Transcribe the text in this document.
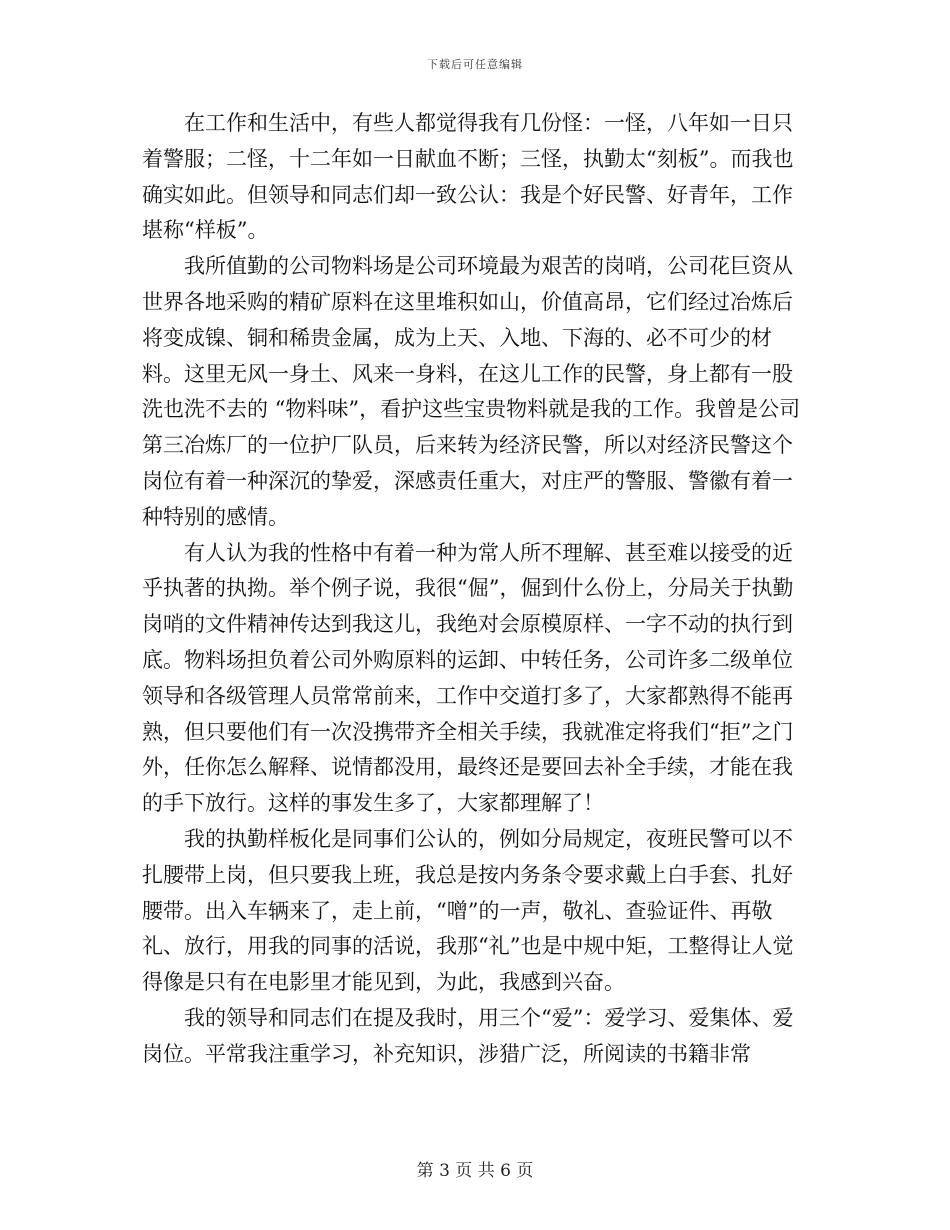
下载后可任意编辑

在工作和生活中，有些人都觉得我有几份怪：一怪，八年如一日只着警服；二怪，十二年如一日献血不断；三怪，执勤太“刻板”。而我也确实如此。但领导和同志们却一致公认：我是个好民警、好青年，工作堪称“样板”。

我所值勤的公司物料场是公司环境最为艰苦的岗哨，公司花巨资从世界各地采购的精矿原料在这里堆积如山，价值高昂，它们经过冶炼后将变成镍、铜和稀贵金属，成为上天、入地、下海的、必不可少的材料。这里无风一身土、风来一身料，在这儿工作的民警，身上都有一股洗也洗不去的 “物料味”，看护这些宝贵物料就是我的工作。我曾是公司第三冶炼厂的一位护厂队员，后来转为经济民警，所以对经济民警这个岗位有着一种深沉的挚爱，深感责任重大，对庄严的警服、警徽有着一种特别的感情。

有人认为我的性格中有着一种为常人所不理解、甚至难以接受的近乎执著的执拗。举个例子说，我很“倔”，倔到什么份上，分局关于执勤岗哨的文件精神传达到我这儿，我绝对会原模原样、一字不动的执行到底。物料场担负着公司外购原料的运卸、中转任务，公司许多二级单位领导和各级管理人员常常前来，工作中交道打多了，大家都熟得不能再熟，但只要他们有一次没携带齐全相关手续，我就准定将我们“拒”之门外，任你怎么解释、说情都没用，最终还是要回去补全手续，才能在我的手下放行。这样的事发生多了，大家都理解了！

我的执勤样板化是同事们公认的，例如分局规定，夜班民警可以不扎腰带上岗，但只要我上班，我总是按内务条令要求戴上白手套、扎好腰带。出入车辆来了，走上前，“噌”的一声，敬礼、查验证件、再敬礼、放行，用我的同事的活说，我那“礼”也是中规中矩，工整得让人觉得像是只有在电影里才能见到，为此，我感到兴奋。

我的领导和同志们在提及我时，用三个“爱”：爱学习、爱集体、爱岗位。平常我注重学习，补充知识，涉猎广泛，所阅读的书籍非常

第 3 页 共 6 页
